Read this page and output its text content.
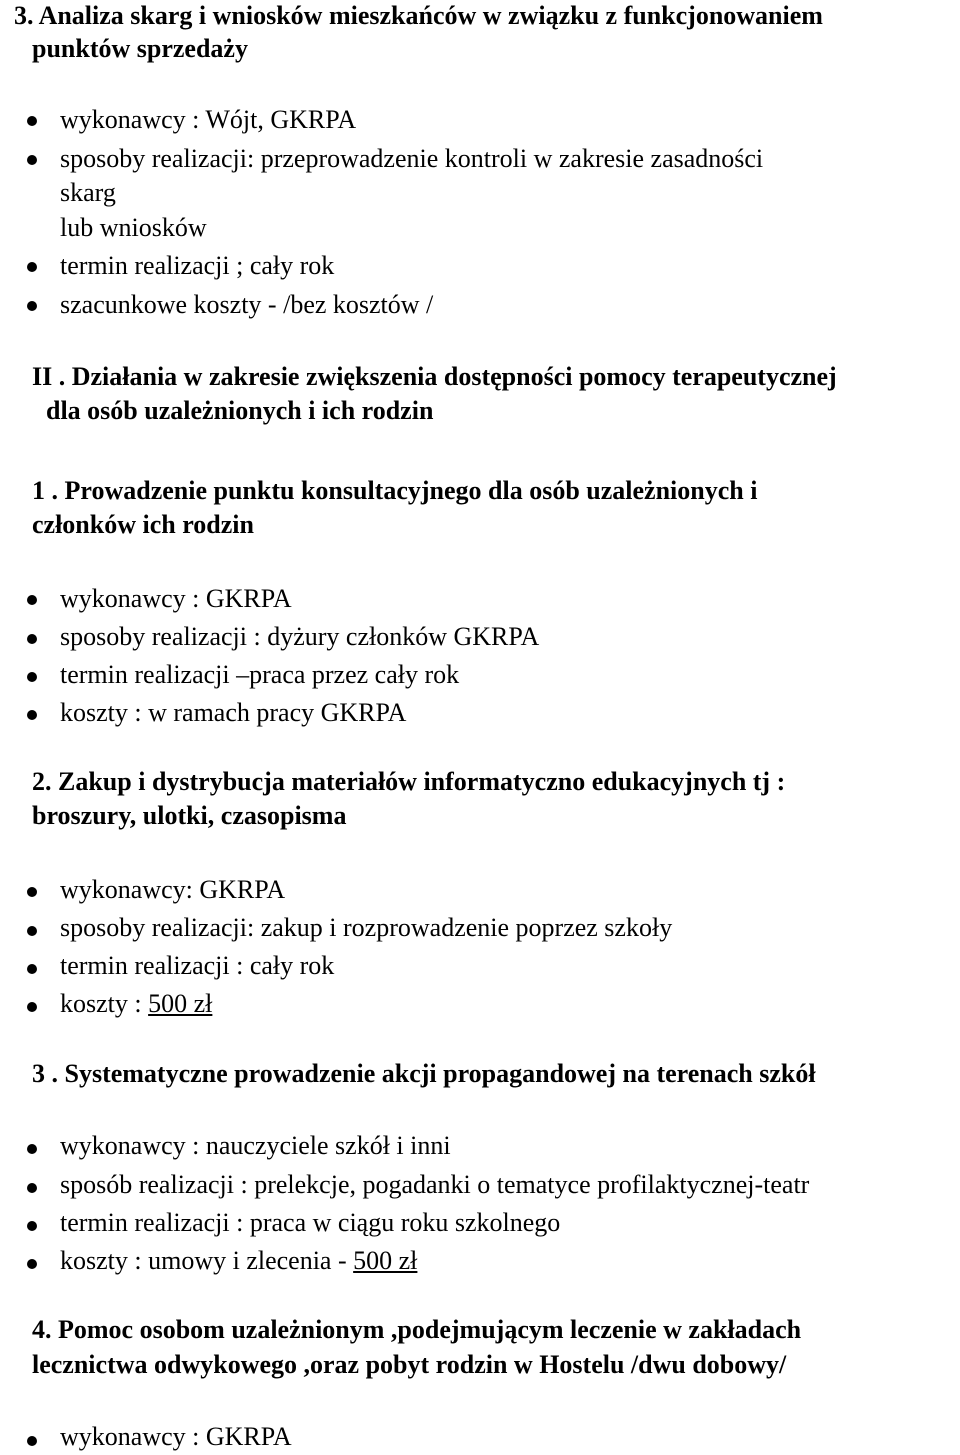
3. Analiza skarg i wniosków mieszkańców w związku z funkcjonowaniem

punktów sprzedaży

wykonawcy : Wójt, GKRPA

sposoby realizacji: przeprowadzenie kontroli w zakresie zasadności

skarg

lub wniosków

termin realizacji ; cały rok

szacunkowe koszty - /bez kosztów /

II . Działania w zakresie zwiększenia dostępności pomocy terapeutycznej

dla osób uzależnionych i ich rodzin

1 . Prowadzenie punktu konsultacyjnego dla osób uzależnionych i

członków ich rodzin

wykonawcy : GKRPA

sposoby realizacji : dyżury członków GKRPA

termin realizacji –praca przez cały rok

koszty : w ramach pracy GKRPA

2. Zakup i dystrybucja materiałów informatyczno edukacyjnych tj :

broszury, ulotki, czasopisma

wykonawcy: GKRPA

sposoby realizacji: zakup i rozprowadzenie poprzez szkoły

termin realizacji : cały rok

koszty : 500 zł

3 . Systematyczne prowadzenie akcji propagandowej na terenach szkół

wykonawcy : nauczyciele szkół i inni

sposób realizacji : prelekcje, pogadanki o tematyce profilaktycznej-teatr

termin realizacji : praca w ciągu roku szkolnego

koszty : umowy i zlecenia - 500 zł

4. Pomoc osobom uzależnionym ,podejmującym leczenie w zakładach

lecznictwa odwykowego ,oraz pobyt rodzin w Hostelu /dwu dobowy/

wykonawcy : GKRPA
